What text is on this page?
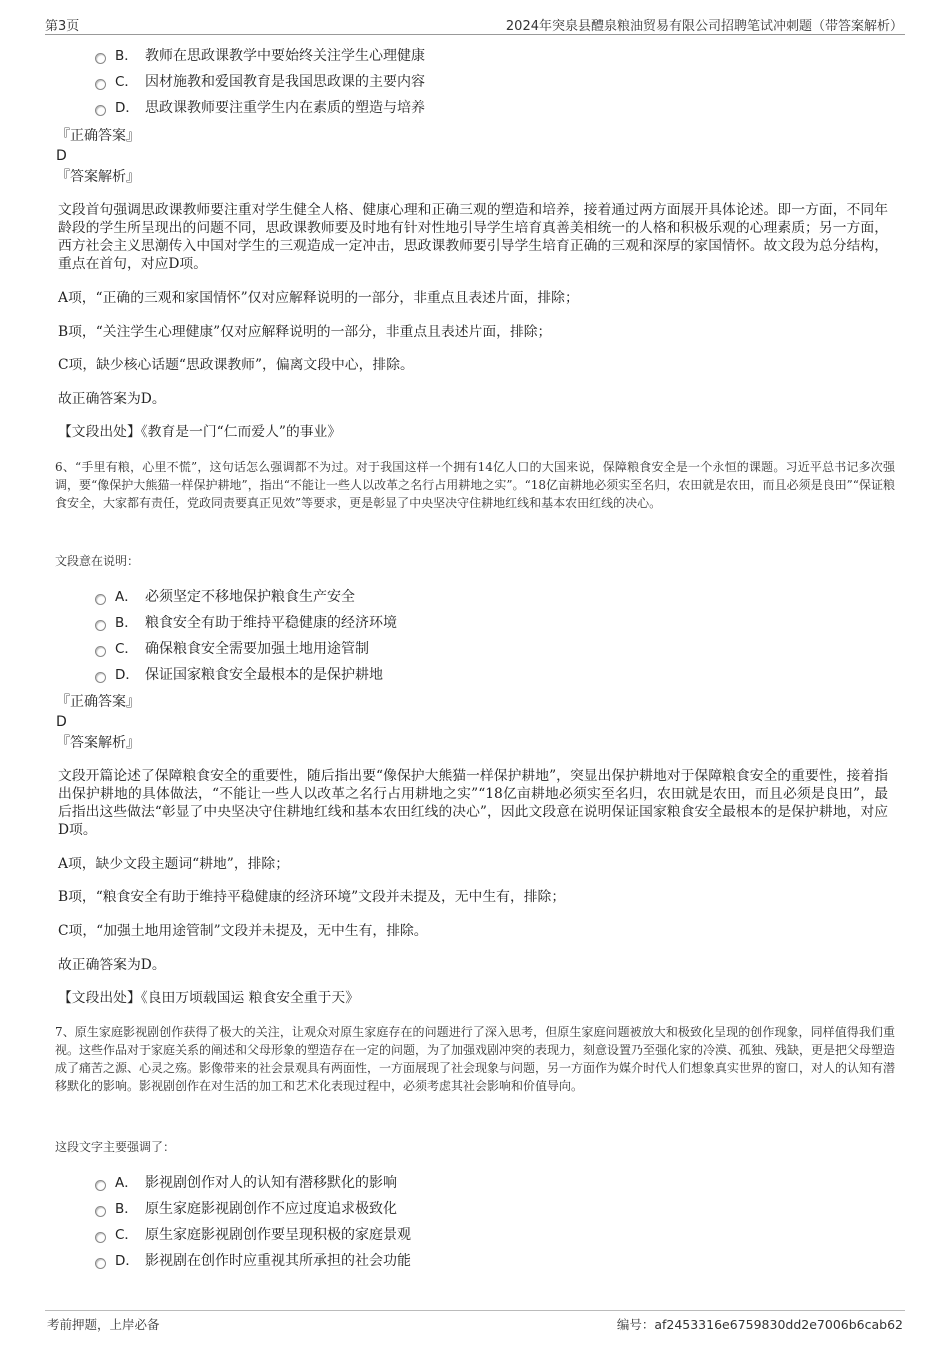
第3页	2024年突泉县醴泉粮油贸易有限公司招聘笔试冲刺题（带答案解析）
B． 教师在思政课教学中要始终关注学生心理健康
C． 因材施教和爱国教育是我国思政课的主要内容
D． 思政课教师要注重学生内在素质的塑造与培养
『正确答案』
D
『答案解析』
文段首句强调思政课教师要注重对学生健全人格、健康心理和正确三观的塑造和培养，接着通过两方面展开具体论述。即一方面，不同年龄段的学生所呈现出的问题不同，思政课教师要及时地有针对性地引导学生培育真善美相统一的人格和积极乐观的心理素质；另一方面，西方社会主义思潮传入中国对学生的三观造成一定冲击，思政课教师要引导学生培育正确的三观和深厚的家国情怀。故文段为总分结构，重点在首句，对应D项。
A项，“正确的三观和家国情怀”仅对应解释说明的一部分，非重点且表述片面，排除；
B项，“关注学生心理健康”仅对应解释说明的一部分，非重点且表述片面，排除；
C项，缺少核心话题“思政课教师”，偏离文段中心，排除。
故正确答案为D。
【文段出处】《教育是一门“仁而爱人”的事业》
6、“手里有粮，心里不慌”，这句话怎么强调都不为过。对于我国这样一个拥有14亿人口的大国来说，保障粮食安全是一个永恒的课题。习近平总书记多次强调，要“像保护大熊猫一样保护耕地”，指出“不能让一些人以改革之名行占用耕地之实”。“18亿亩耕地必须实至名归，农田就是农田，而且必须是良田”“保证粮食安全，大家都有责任，党政同责要真正见效”等要求，更是彰显了中央坚决守住耕地红线和基本农田红线的决心。
文段意在说明：
A． 必须坚定不移地保护粮食生产安全
B． 粮食安全有助于维持平稳健康的经济环境
C． 确保粮食安全需要加强土地用途管制
D． 保证国家粮食安全最根本的是保护耕地
『正确答案』
D
『答案解析』
文段开篇论述了保障粮食安全的重要性，随后指出要“像保护大熊猫一样保护耕地”，突显出保护耕地对于保障粮食安全的重要性，接着指出保护耕地的具体做法，“不能让一些人以改革之名行占用耕地之实”“18亿亩耕地必须实至名归，农田就是农田，而且必须是良田”，最后指出这些做法“彰显了中央坚决守住耕地红线和基本农田红线的决心”，因此文段意在说明保证国家粮食安全最根本的是保护耕地，对应D项。
A项，缺少文段主题词“耕地”，排除；
B项，“粮食安全有助于维持平稳健康的经济环境”文段并未提及，无中生有，排除；
C项，“加强土地用途管制”文段并未提及，无中生有，排除。
故正确答案为D。
【文段出处】《良田万顷载国运 粮食安全重于天》
7、原生家庭影视剧创作获得了极大的关注，让观众对原生家庭存在的问题进行了深入思考，但原生家庭问题被放大和极致化呈现的创作现象，同样值得我们重视。这些作品对于家庭关系的阐述和父母形象的塑造存在一定的问题，为了加强戏剧冲突的表现力，刻意设置乃至强化家的冷漠、孤独、残缺，更是把父母塑造成了痛苦之源、心灵之殇。影像带来的社会景观具有两面性，一方面展现了社会现象与问题，另一方面作为媒介时代人们想象真实世界的窗口，对人的认知有潜移默化的影响。影视剧创作在对生活的加工和艺术化表现过程中，必须考虑其社会影响和价值导向。
这段文字主要强调了：
A． 影视剧创作对人的认知有潜移默化的影响
B． 原生家庭影视剧创作不应过度追求极致化
C． 原生家庭影视剧创作要呈现积极的家庭景观
D． 影视剧在创作时应重视其所承担的社会功能
考前押题，上岸必备	编号：af2453316e6759830dd2e7006b6cab62
